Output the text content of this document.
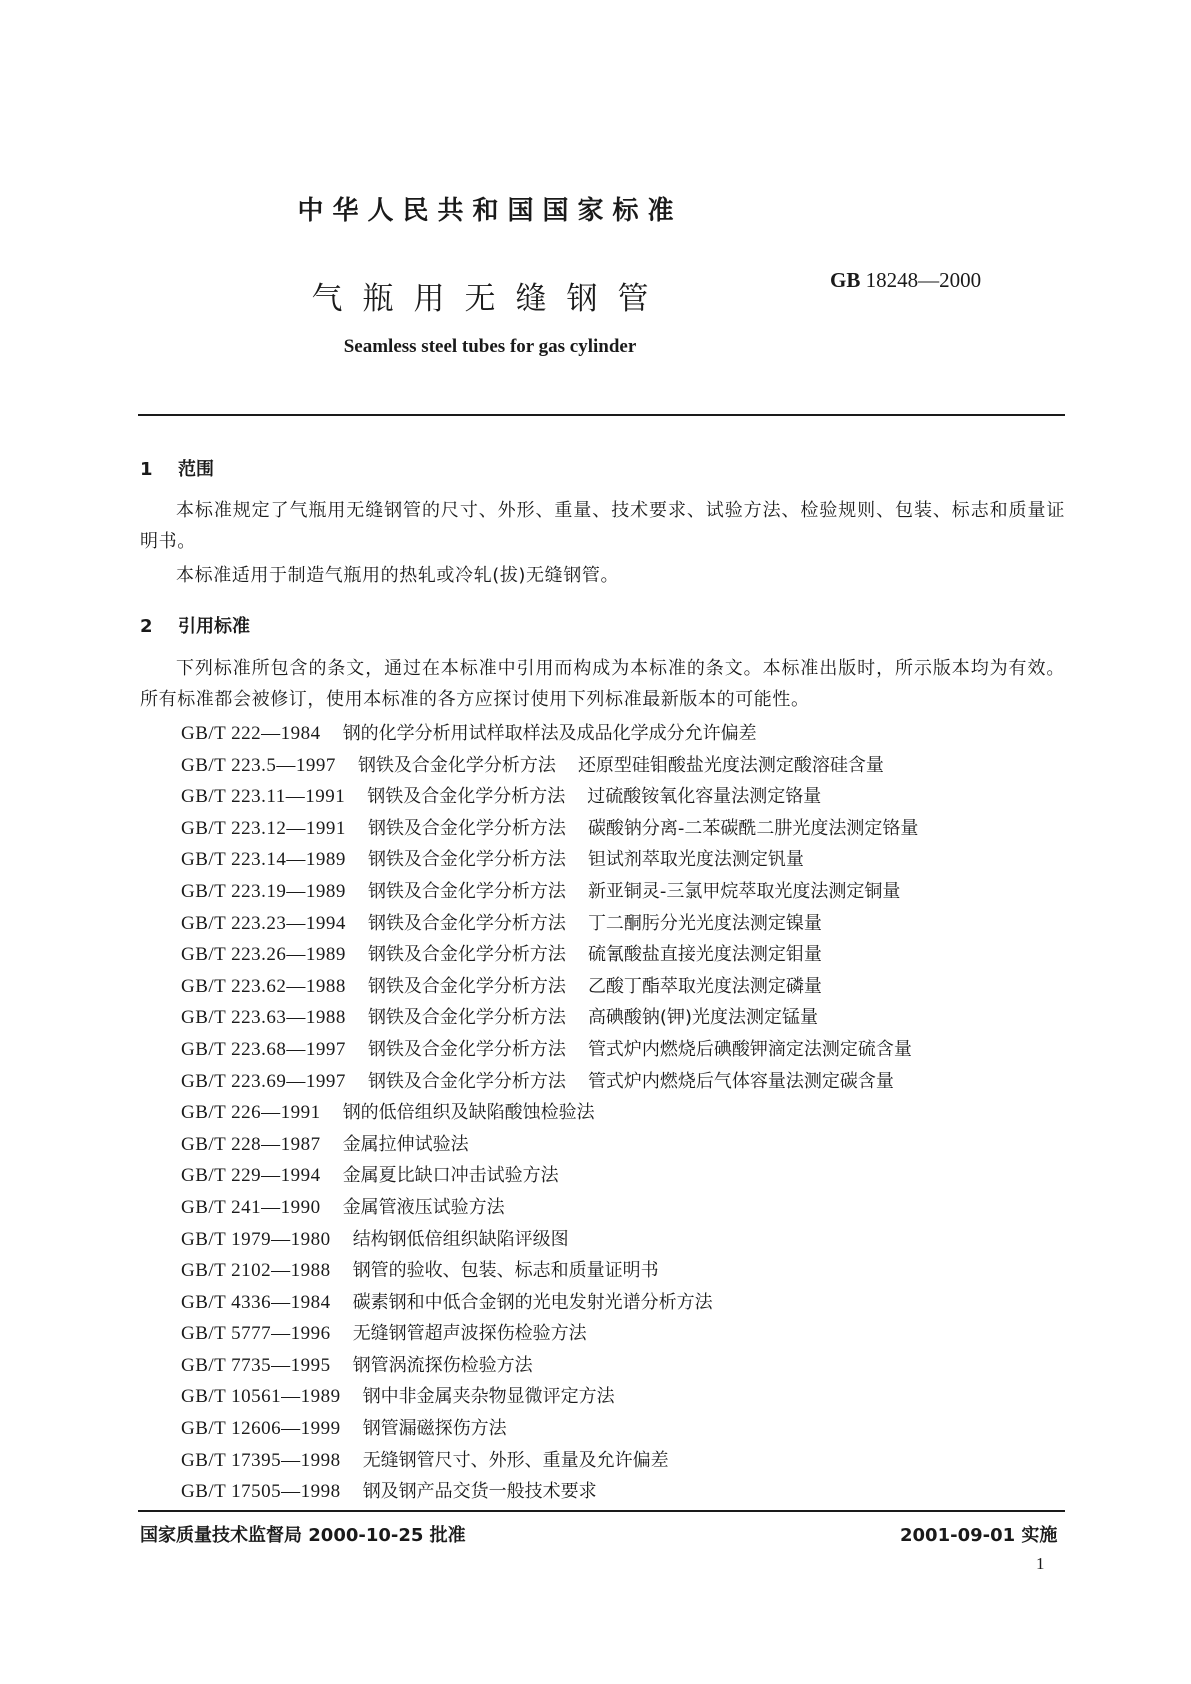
中华人民共和国国家标准
气瓶用无缝钢管
GB 18248—2000
Seamless steel tubes for gas cylinder
1 范围
本标准规定了气瓶用无缝钢管的尺寸、外形、重量、技术要求、试验方法、检验规则、包装、标志和质量证明书。
本标准适用于制造气瓶用的热轧或冷轧(拔)无缝钢管。
2 引用标准
下列标准所包含的条文，通过在本标准中引用而构成为本标准的条文。本标准出版时，所示版本均为有效。所有标准都会被修订，使用本标准的各方应探讨使用下列标准最新版本的可能性。
GB/T 222—1984 钢的化学分析用试样取样法及成品化学成分允许偏差
GB/T 223.5—1997 钢铁及合金化学分析方法 还原型硅钼酸盐光度法测定酸溶硅含量
GB/T 223.11—1991 钢铁及合金化学分析方法 过硫酸铵氧化容量法测定铬量
GB/T 223.12—1991 钢铁及合金化学分析方法 碳酸钠分离-二苯碳酰二肼光度法测定铬量
GB/T 223.14—1989 钢铁及合金化学分析方法 钽试剂萃取光度法测定钒量
GB/T 223.19—1989 钢铁及合金化学分析方法 新亚铜灵-三氯甲烷萃取光度法测定铜量
GB/T 223.23—1994 钢铁及合金化学分析方法 丁二酮肟分光光度法测定镍量
GB/T 223.26—1989 钢铁及合金化学分析方法 硫氰酸盐直接光度法测定钼量
GB/T 223.62—1988 钢铁及合金化学分析方法 乙酸丁酯萃取光度法测定磷量
GB/T 223.63—1988 钢铁及合金化学分析方法 高碘酸钠(钾)光度法测定锰量
GB/T 223.68—1997 钢铁及合金化学分析方法 管式炉内燃烧后碘酸钾滴定法测定硫含量
GB/T 223.69—1997 钢铁及合金化学分析方法 管式炉内燃烧后气体容量法测定碳含量
GB/T 226—1991 钢的低倍组织及缺陷酸蚀检验法
GB/T 228—1987 金属拉伸试验法
GB/T 229—1994 金属夏比缺口冲击试验方法
GB/T 241—1990 金属管液压试验方法
GB/T 1979—1980 结构钢低倍组织缺陷评级图
GB/T 2102—1988 钢管的验收、包装、标志和质量证明书
GB/T 4336—1984 碳素钢和中低合金钢的光电发射光谱分析方法
GB/T 5777—1996 无缝钢管超声波探伤检验方法
GB/T 7735—1995 钢管涡流探伤检验方法
GB/T 10561—1989 钢中非金属夹杂物显微评定方法
GB/T 12606—1999 钢管漏磁探伤方法
GB/T 17395—1998 无缝钢管尺寸、外形、重量及允许偏差
GB/T 17505—1998 钢及钢产品交货一般技术要求
国家质量技术监督局 2000-10-25 批准	2001-09-01 实施
1
